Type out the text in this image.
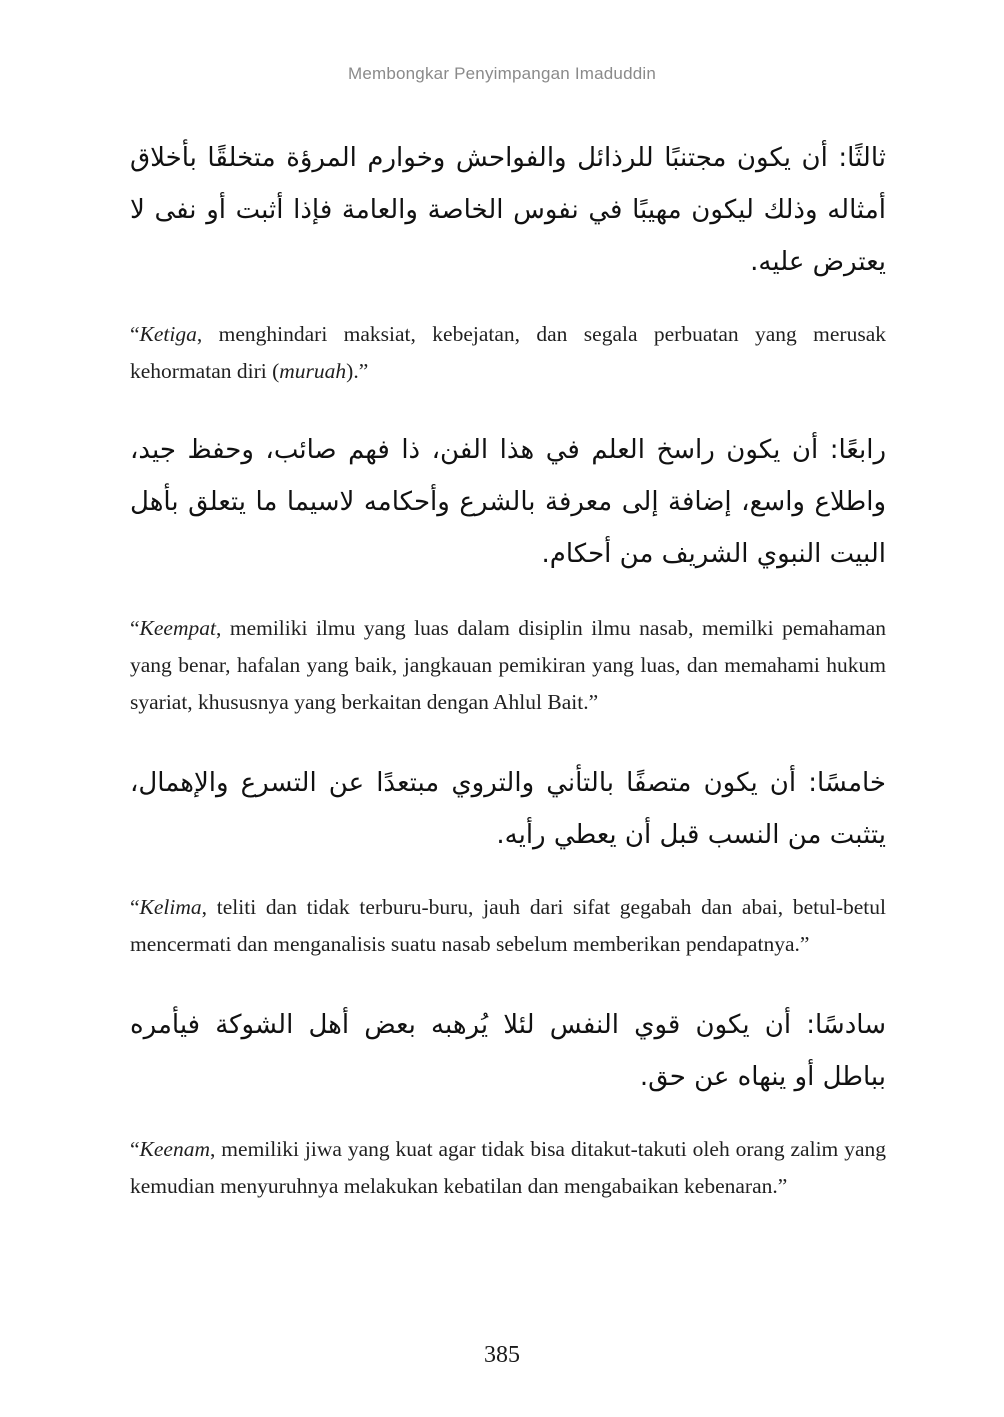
Membongkar Penyimpangan Imaduddin

ثالثًا: أن يكون مجتنبًا للرذائل والفواحش وخوارم المرؤة متخلقًا بأخلاق أمثاله وذلك ليكون مهيبًا في نفوس الخاصة والعامة فإذا أثبت أو نفى لا يعترض عليه.

“Ketiga, menghindari maksiat, kebejatan, dan segala perbuatan yang merusak kehormatan diri (muruah).”

رابعًا: أن يكون راسخ العلم في هذا الفن، ذا فهم صائب، وحفظ جيد، واطلاع واسع، إضافة إلى معرفة بالشرع وأحكامه لاسيما ما يتعلق بأهل البيت النبوي الشريف من أحكام.

“Keempat, memiliki ilmu yang luas dalam disiplin ilmu nasab, memilki pemahaman yang benar, hafalan yang baik, jangkauan pemikiran yang luas, dan memahami hukum syariat, khususnya yang berkaitan dengan Ahlul Bait.”

خامسًا: أن يكون متصفًا بالتأني والتروي مبتعدًا عن التسرع والإهمال، يتثبت من النسب قبل أن يعطي رأيه.

“Kelima, teliti dan tidak terburu-buru, jauh dari sifat gegabah dan abai, betul-betul mencermati dan menganalisis suatu nasab sebelum memberikan pendapatnya.”

سادسًا: أن يكون قوي النفس لئلا يُرهبه بعض أهل الشوكة فيأمره بباطل أو ينهاه عن حق.

“Keenam, memiliki jiwa yang kuat agar tidak bisa ditakut-takuti oleh orang zalim yang kemudian menyuruhnya melakukan kebatilan dan mengabaikan kebenaran.”

385
